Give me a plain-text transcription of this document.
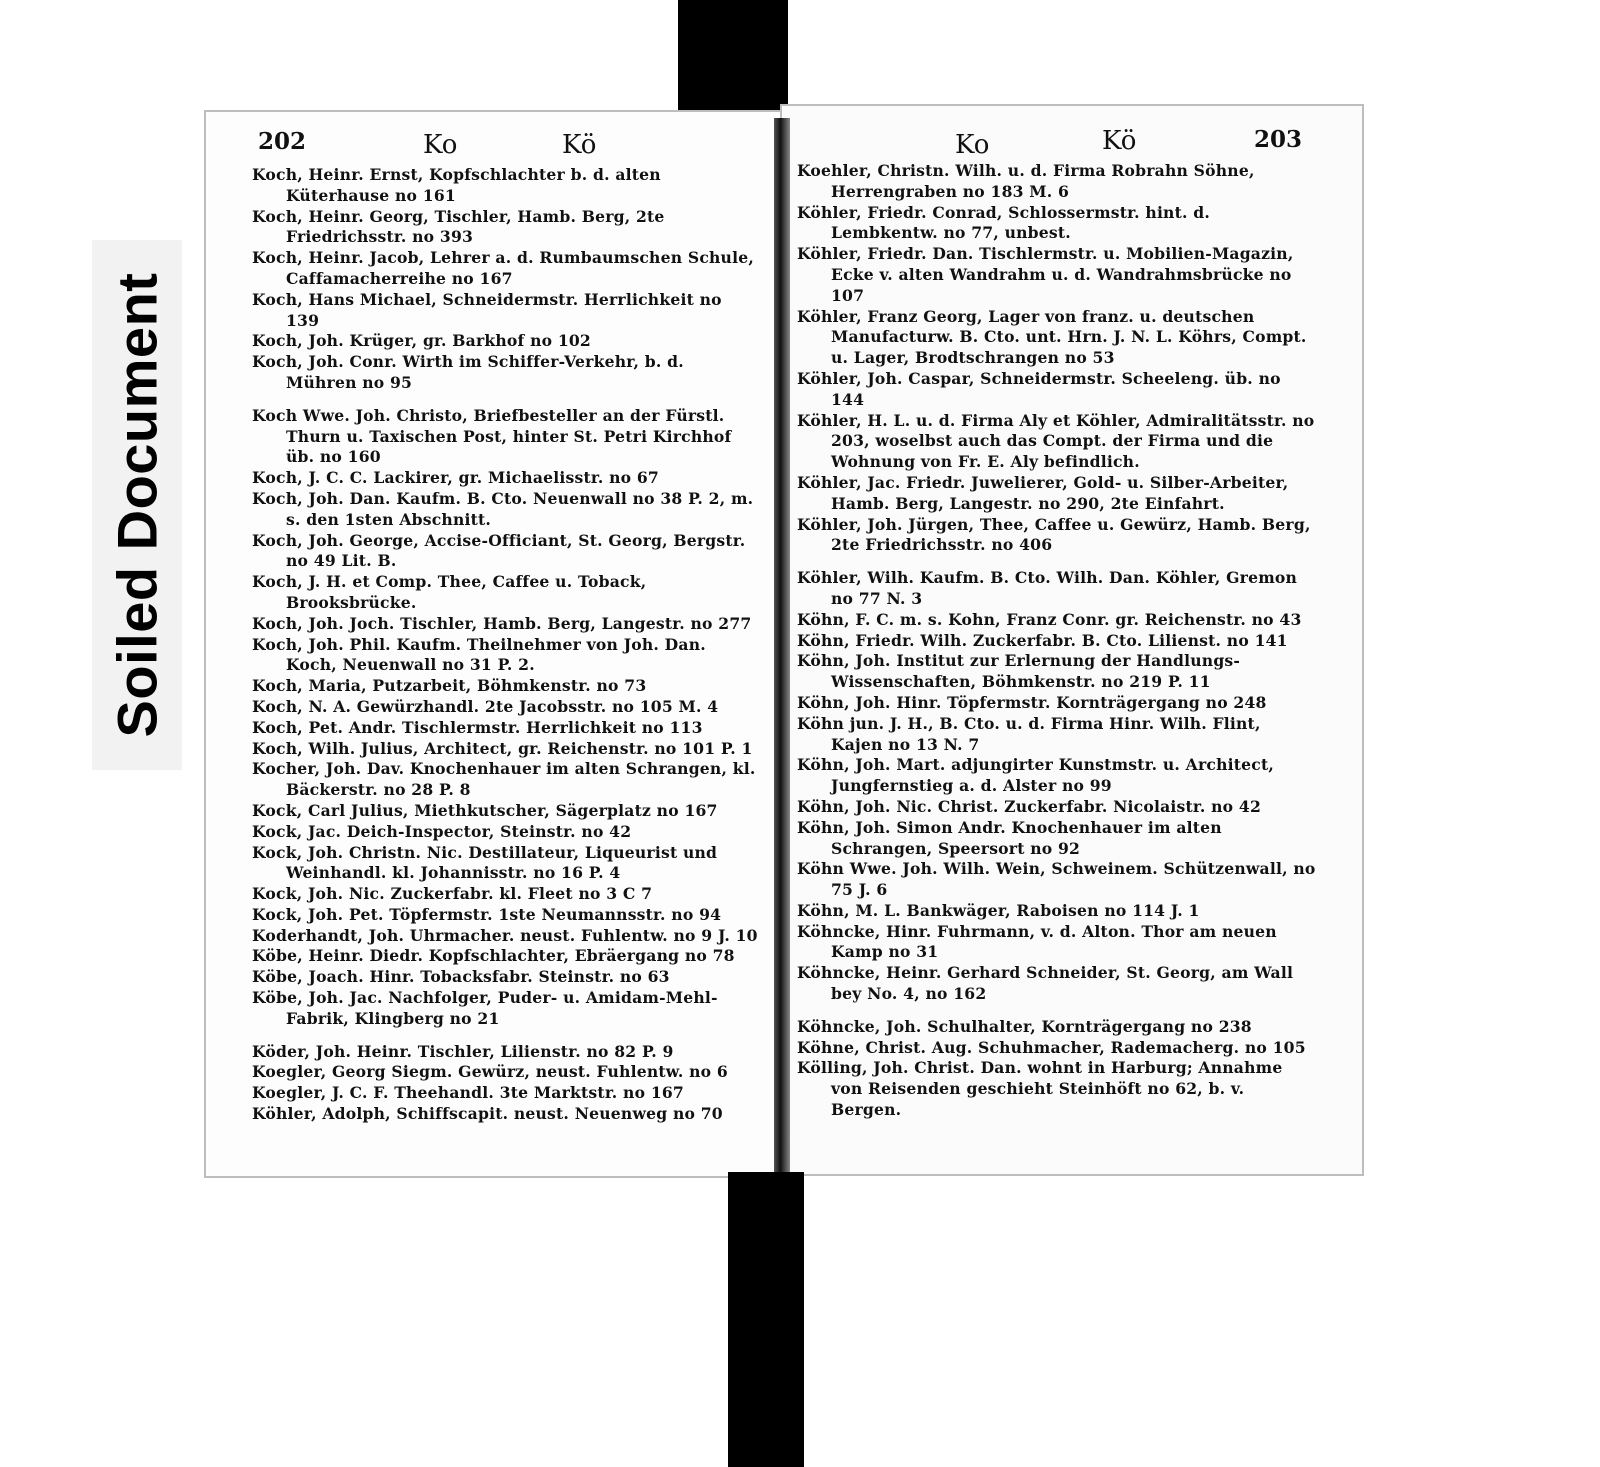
Soiled Document
202	Ko	Kö	Ko	Kö	203
Koch, Heinr. Ernst, Kopfschlachter b. d. alten Küterhause no 161
Koch, Heinr. Georg, Tischler, Hamb. Berg, 2te Friedrichsstr. no 393
Koch, Heinr. Jacob, Lehrer a. d. Rumbaumschen Schule, Caffamacherreihe no 167
Koch, Hans Michael, Schneidermstr. Herrlichkeit no 139
Koch, Joh. Krüger, gr. Barkhof no 102
Koch, Joh. Conr. Wirth im Schiffer-Verkehr, b. d. Mühren no 95
Koch Wwe. Joh. Christo, Briefbesteller an der Fürstl. Thurn u. Taxischen Post, hinter St. Petri Kirchhof üb. no 160
Koch, J. C. C. Lackirer, gr. Michaelisstr. no 67
Koch, Joh. Dan. Kaufm. B. Cto. Neuenwall no 38 P. 2, m. s. den 1sten Abschnitt.
Koch, Joh. George, Accise-Officiant, St. Georg, Bergstr. no 49 Lit. B.
Koch, J. H. et Comp. Thee, Caffee u. Toback, Brooksbrücke.
Koch, Joh. Joch. Tischler, Hamb. Berg, Langestr. no 277
Koch, Joh. Phil. Kaufm. Theilnehmer von Joh. Dan. Koch, Neuenwall no 31 P. 2.
Koch, Maria, Putzarbeit, Böhmkenstr. no 73
Koch, N. A. Gewürzhandl. 2te Jacobsstr. no 105 M. 4
Koch, Pet. Andr. Tischlermstr. Herrlichkeit no 113
Koch, Wilh. Julius, Architect, gr. Reichenstr. no 101 P. 1
Kocher, Joh. Dav. Knochenhauer im alten Schrangen, kl. Bäckerstr. no 28 P. 8
Kock, Carl Julius, Miethkutscher, Sägerplatz no 167
Kock, Jac. Deich-Inspector, Steinstr. no 42
Kock, Joh. Christn. Nic. Destillateur, Liqueurist und Weinhandl. kl. Johannisstr. no 16 P. 4
Kock, Joh. Nic. Zuckerfabr. kl. Fleet no 3 C 7
Kock, Joh. Pet. Töpfermstr. 1ste Neumannsstr. no 94
Koderhandt, Joh. Uhrmacher. neust. Fuhlentw. no 9 J. 10
Köbe, Heinr. Diedr. Kopfschlachter, Ebräergang no 78
Köbe, Joach. Hinr. Tobacksfabr. Steinstr. no 63
Köbe, Joh. Jac. Nachfolger, Puder- u. Amidam-Mehl-Fabrik, Klingberg no 21
Köder, Joh. Heinr. Tischler, Lilienstr. no 82 P. 9
Koegler, Georg Siegm. Gewürz, neust. Fuhlentw. no 6
Koegler, J. C. F. Theehandl. 3te Marktstr. no 167
Köhler, Adolph, Schiffscapit. neust. Neuenweg no 70
Koehler, Christn. Wilh. u. d. Firma Robrahn Söhne, Herrengraben no 183 M. 6
Köhler, Friedr. Conrad, Schlossermstr. hint. d. Lembkentw. no 77, unbest.
Köhler, Friedr. Dan. Tischlermstr. u. Mobilien-Magazin, Ecke v. alten Wandrahm u. d. Wandrahmsbrücke no 107
Köhler, Franz Georg, Lager von franz. u. deutschen Manufacturw. B. Cto. unt. Hrn. J. N. L. Köhrs, Compt. u. Lager, Brodtschrangen no 53
Köhler, Joh. Caspar, Schneidermstr. Scheeleng. üb. no 144
Köhler, H. L. u. d. Firma Aly et Köhler, Admiralitätsstr. no 203, woselbst auch das Compt. der Firma und die Wohnung von Fr. E. Aly befindlich.
Köhler, Jac. Friedr. Juwelierer, Gold- u. Silber-Arbeiter, Hamb. Berg, Langestr. no 290, 2te Einfahrt.
Köhler, Joh. Jürgen, Thee, Caffee u. Gewürz, Hamb. Berg, 2te Friedrichsstr. no 406
Köhler, Wilh. Kaufm. B. Cto. Wilh. Dan. Köhler, Gremon no 77 N. 3
Köhn, F. C. m. s. Kohn, Franz Conr. gr. Reichenstr. no 43
Köhn, Friedr. Wilh. Zuckerfabr. B. Cto. Lilienst. no 141
Köhn, Joh. Institut zur Erlernung der Handlungs-Wissenschaften, Böhmkenstr. no 219 P. 11
Köhn, Joh. Hinr. Töpfermstr. Kornträgergang no 248
Köhn jun. J. H., B. Cto. u. d. Firma Hinr. Wilh. Flint, Kajen no 13 N. 7
Köhn, Joh. Mart. adjungirter Kunstmstr. u. Architect, Jungfernstieg a. d. Alster no 99
Köhn, Joh. Nic. Christ. Zuckerfabr. Nicolaistr. no 42
Köhn, Joh. Simon Andr. Knochenhauer im alten Schrangen, Speersort no 92
Köhn Wwe. Joh. Wilh. Wein, Schweinem. Schützenwall, no 75 J. 6
Köhn, M. L. Bankwäger, Raboisen no 114 J. 1
Köhncke, Hinr. Fuhrmann, v. d. Alton. Thor am neuen Kamp no 31
Köhncke, Heinr. Gerhard Schneider, St. Georg, am Wall bey No. 4, no 162
Köhncke, Joh. Schulhalter, Kornträgergang no 238
Köhne, Christ. Aug. Schuhmacher, Rademacherg. no 105
Kölling, Joh. Christ. Dan. wohnt in Harburg; Annahme von Reisenden geschieht Steinhöft no 62, b. v. Bergen.
